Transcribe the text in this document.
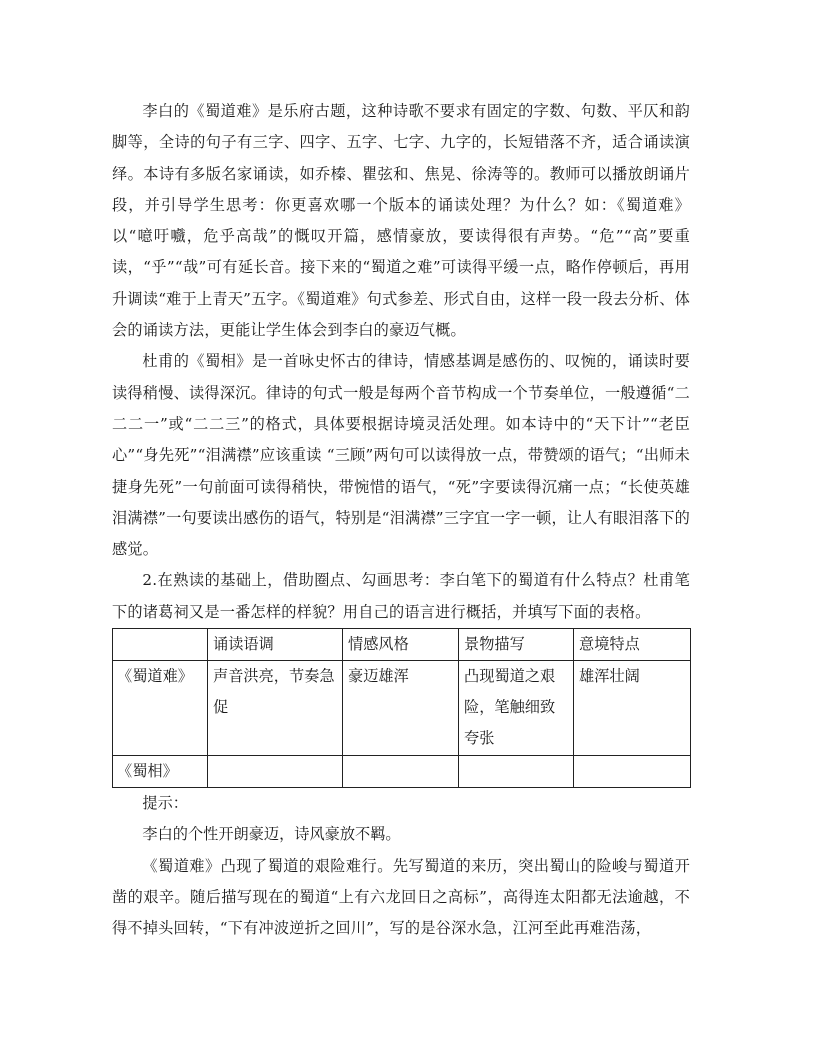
李白的《蜀道难》是乐府古题，这种诗歌不要求有固定的字数、句数、平仄和韵脚等，全诗的句子有三字、四字、五字、七字、九字的，长短错落不齐，适合诵读演绎。本诗有多版名家诵读，如乔榛、瞿弦和、焦晃、徐涛等的。教师可以播放朗诵片段，并引导学生思考：你更喜欢哪一个版本的诵读处理？为什么？如：《蜀道难》以“噫吁嚱，危乎高哉”的慨叹开篇，感情豪放，要读得很有声势。“危”“高”要重读，“乎”“哉”可有延长音。接下来的“蜀道之难”可读得平缓一点，略作停顿后，再用升调读“难于上青天”五字。《蜀道难》句式参差、形式自由，这样一段一段去分析、体会的诵读方法，更能让学生体会到李白的豪迈气概。

杜甫的《蜀相》是一首咏史怀古的律诗，情感基调是感伤的、叹惋的，诵读时要读得稍慢、读得深沉。律诗的句式一般是每两个音节构成一个节奏单位，一般遵循“二二二一”或“二二三”的格式，具体要根据诗境灵活处理。如本诗中的“天下计”“老臣心”“身先死”“泪满襟”应该重读 “三顾”两句可以读得放一点，带赞颂的语气；“出师未捷身先死”一句前面可读得稍快，带惋惜的语气，“死”字要读得沉痛一点；“长使英雄泪满襟”一句要读出感伤的语气，特别是“泪满襟”三字宜一字一顿，让人有眼泪落下的感觉。

2.在熟读的基础上，借助圈点、勾画思考：李白笔下的蜀道有什么特点？杜甫笔下的诸葛祠又是一番怎样的样貌？用自己的语言进行概括，并填写下面的表格。

	诵读语调	情感风格	景物描写	意境特点
《蜀道难》	声音洪亮，节奏急促	豪迈雄浑	凸现蜀道之艰险，笔触细致夸张	雄浑壮阔
《蜀相》				

提示：

李白的个性开朗豪迈，诗风豪放不羁。

《蜀道难》凸现了蜀道的艰险难行。先写蜀道的来历，突出蜀山的险峻与蜀道开凿的艰辛。随后描写现在的蜀道“上有六龙回日之高标”，高得连太阳都无法逾越，不得不掉头回转，“下有冲波逆折之回川”，写的是谷深水急，江河至此再难浩荡，
